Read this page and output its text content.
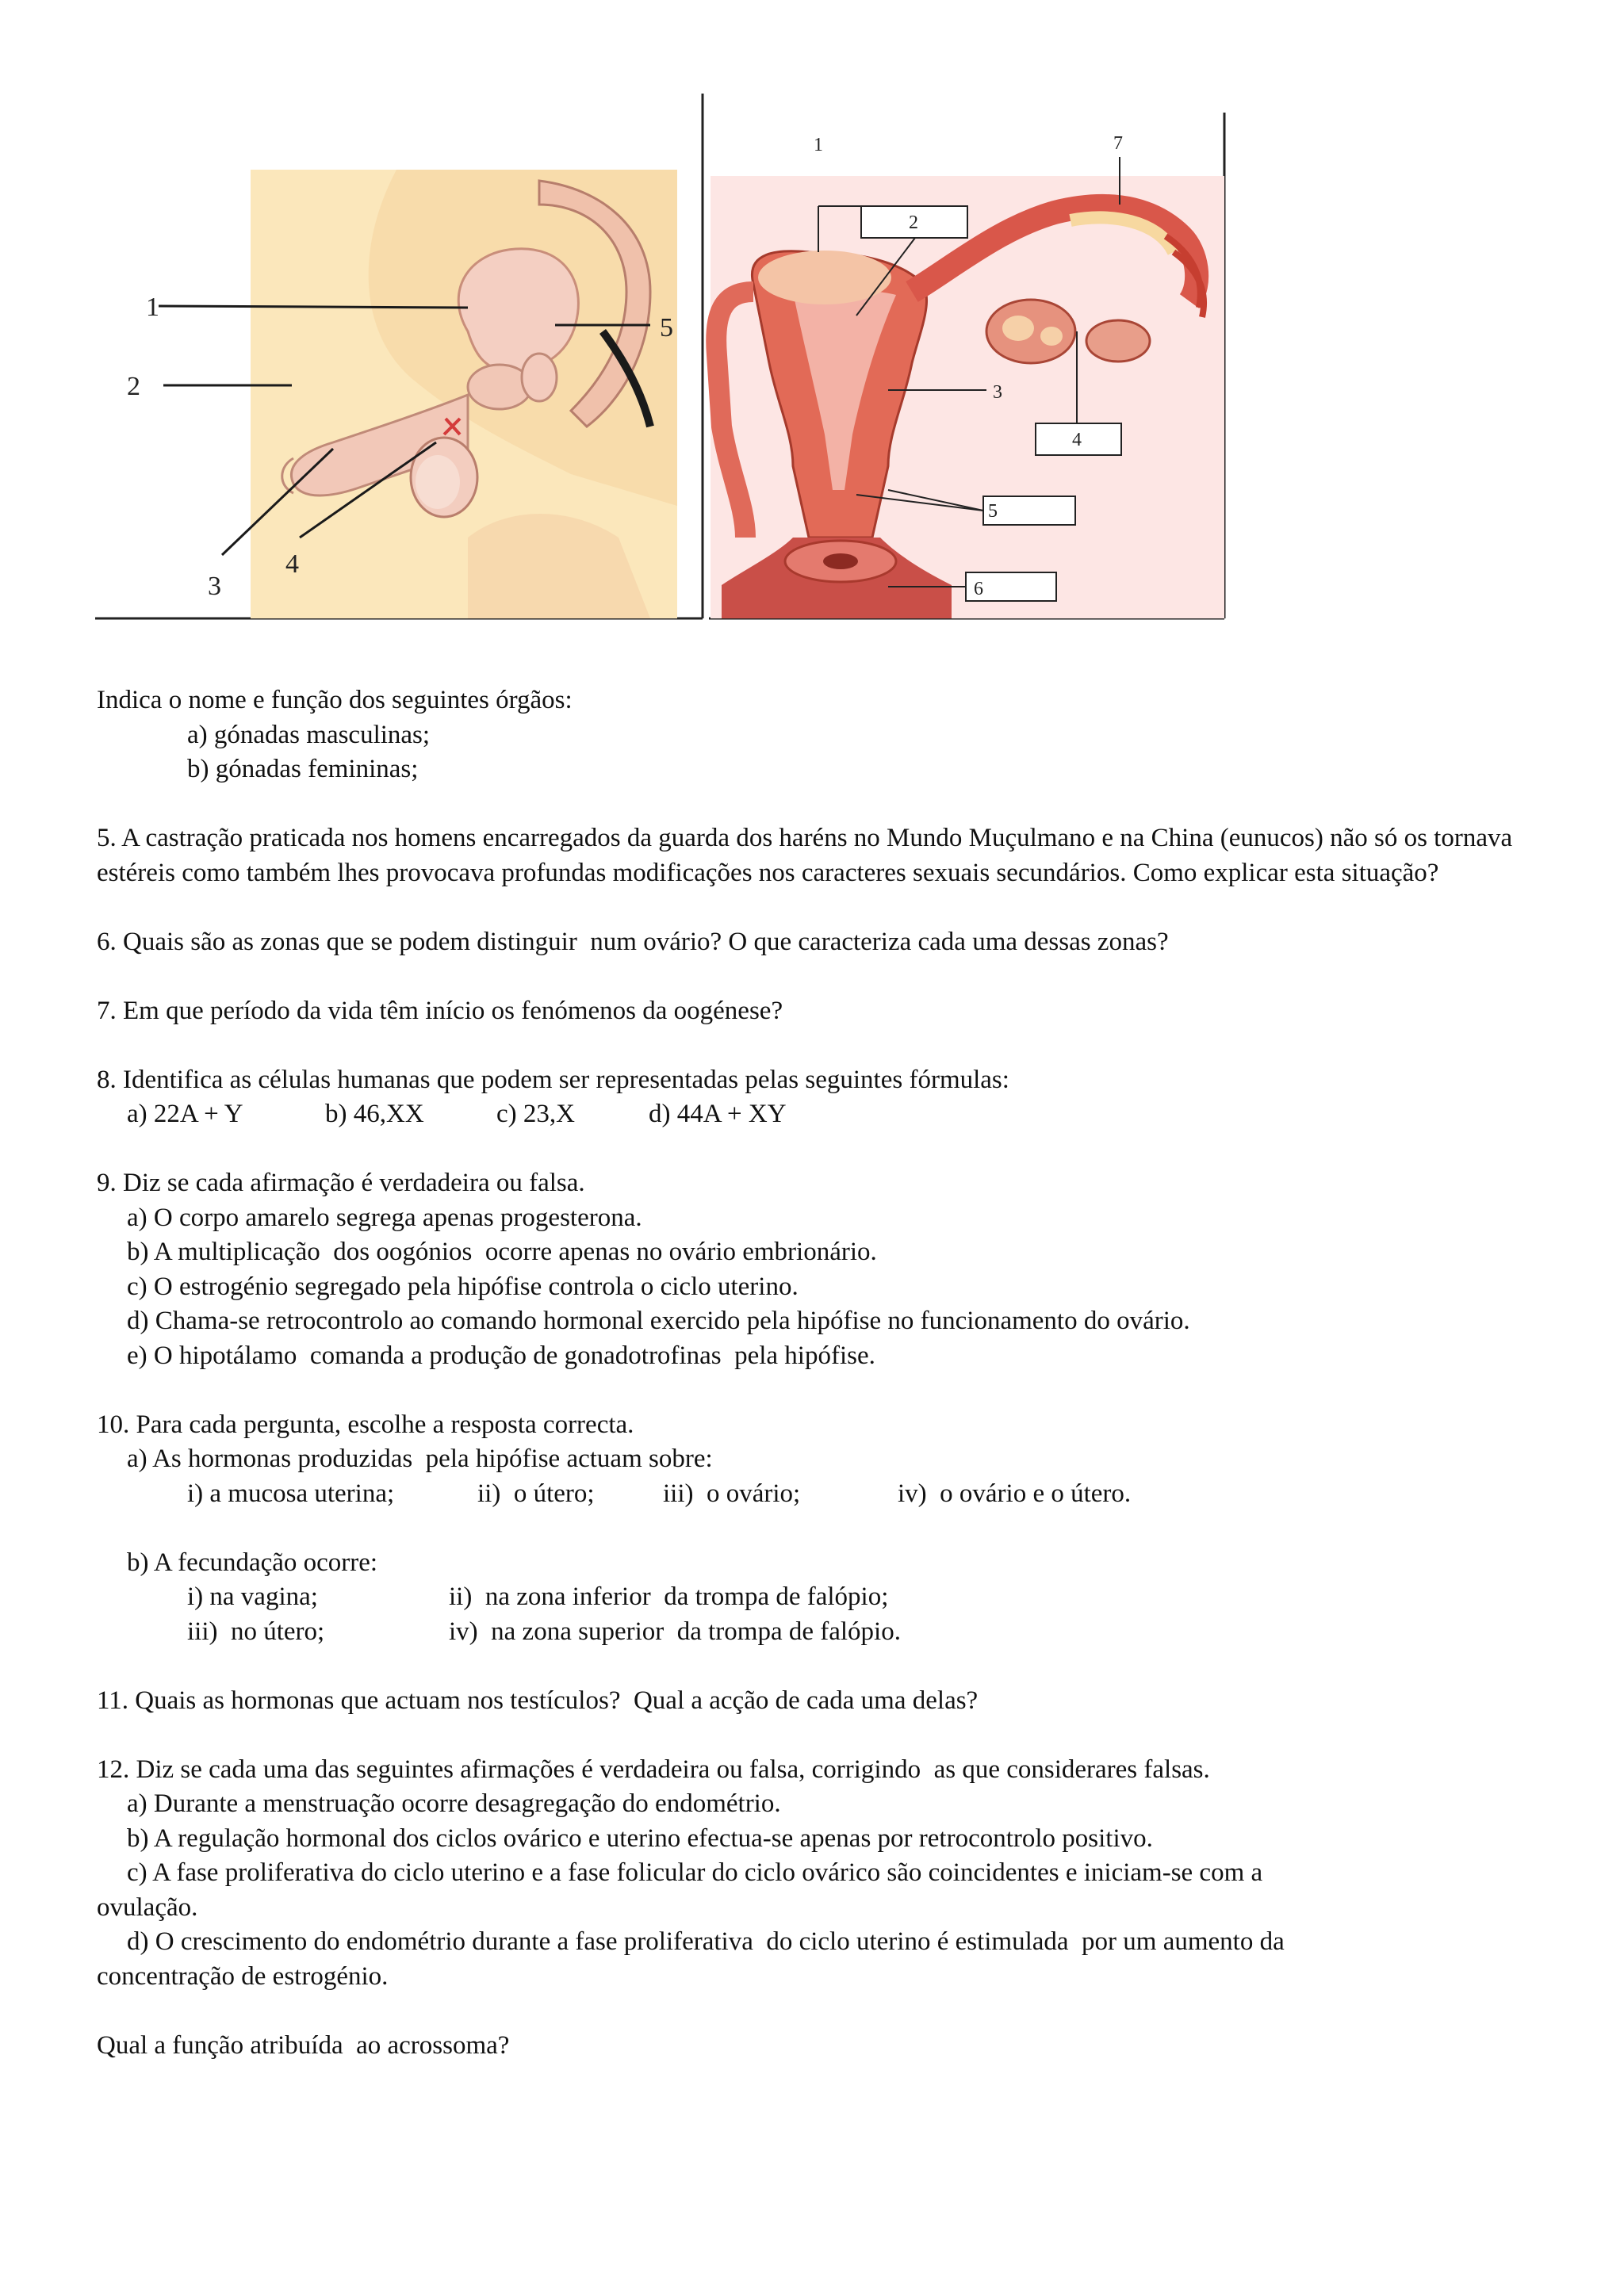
1
2
3
4
5
1
2
3
4
5
6
7
Indica o nome e função dos seguintes órgãos:
a) gónadas masculinas;
b) gónadas femininas;
5. A castração praticada nos homens encarregados da guarda dos haréns no Mundo Muçulmano e na China (eunucos) não só os tornava estéreis como também lhes provocava profundas modificações nos caracteres sexuais secundários. Como explicar esta situação?
6. Quais são as zonas que se podem distinguir  num ovário? O que caracteriza cada uma dessas zonas?
7. Em que período da vida têm início os fenómenos da oogénese?
8. Identifica as células humanas que podem ser representadas pelas seguintes fórmulas:
a) 22A + Y	b) 46,XX	c) 23,X	d) 44A + XY
9. Diz se cada afirmação é verdadeira ou falsa.
a) O corpo amarelo segrega apenas progesterona.
b) A multiplicação  dos oogónios  ocorre apenas no ovário embrionário.
c) O estrogénio segregado pela hipófise controla o ciclo uterino.
d) Chama-se retrocontrolo ao comando hormonal exercido pela hipófise no funcionamento do ovário.
e) O hipotálamo  comanda a produção de gonadotrofinas  pela hipófise.
10. Para cada pergunta, escolhe a resposta correcta.
a) As hormonas produzidas  pela hipófise actuam sobre:
i) a mucosa uterina;	ii)  o útero;	iii)  o ovário;	iv)  o ovário e o útero.
b) A fecundação ocorre:
i) na vagina;	ii)  na zona inferior  da trompa de falópio;
iii)  no útero;	iv)  na zona superior  da trompa de falópio.
11. Quais as hormonas que actuam nos testículos?  Qual a acção de cada uma delas?
12. Diz se cada uma das seguintes afirmações é verdadeira ou falsa, corrigindo  as que considerares falsas.
a) Durante a menstruação ocorre desagregação do endométrio.
b) A regulação hormonal dos ciclos ovárico e uterino efectua-se apenas por retrocontrolo positivo.
c) A fase proliferativa do ciclo uterino e a fase folicular do ciclo ovárico são coincidentes e iniciam-se com a
ovulação.
d) O crescimento do endométrio durante a fase proliferativa  do ciclo uterino é estimulada  por um aumento da
concentração de estrogénio.
Qual a função atribuída  ao acrossoma?
